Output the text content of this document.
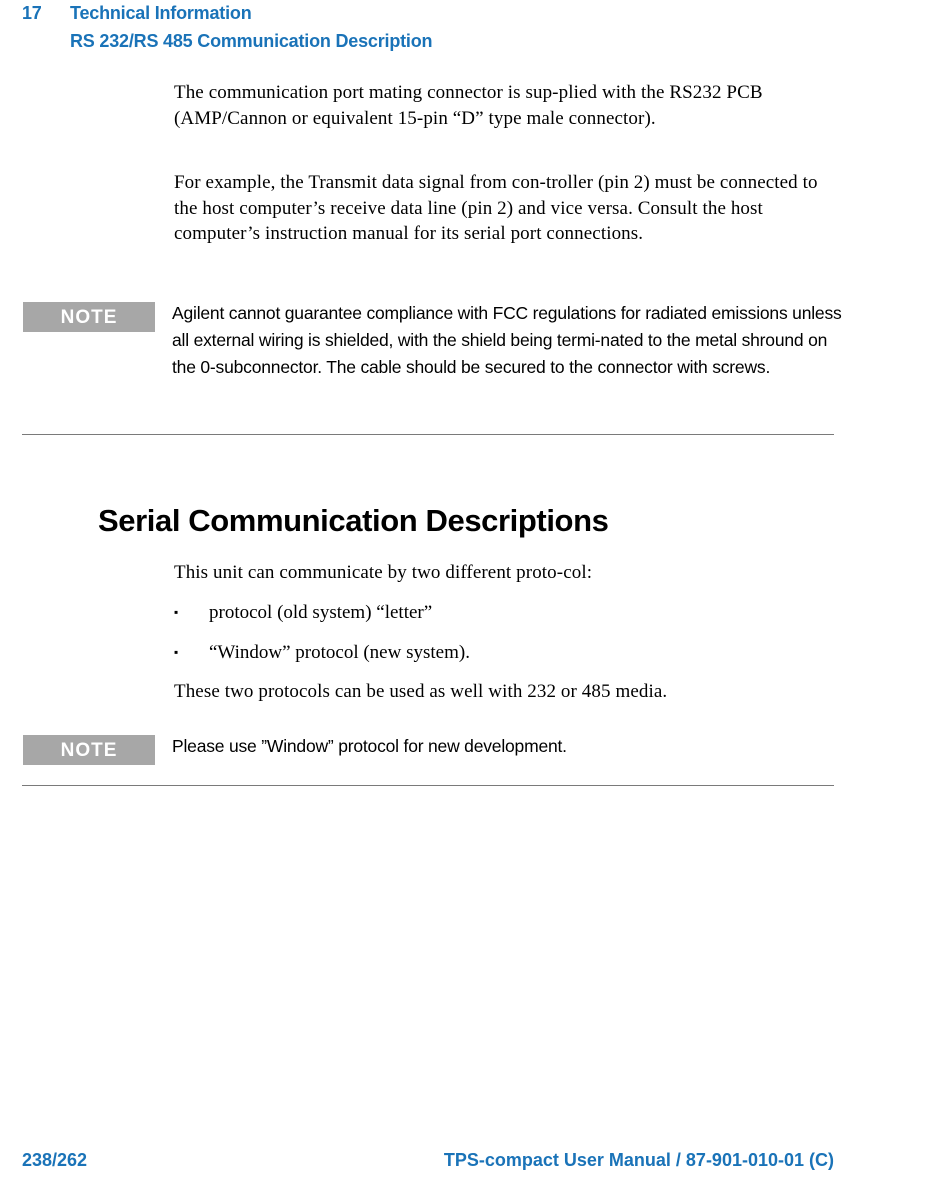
17 Technical Information
RS 232/RS 485 Communication Description
The communication port mating connector is sup-plied with the RS232 PCB (AMP/Cannon or equivalent 15-pin “D” type male connector).
For example, the Transmit data signal from con-troller (pin 2) must be connected to the host computer’s receive data line (pin 2) and vice versa. Consult the host computer’s instruction manual for its serial port connections.
NOTE	Agilent cannot guarantee compliance with FCC regulations for radiated emissions unless all external wiring is shielded, with the shield being termi-nated to the metal shround on the 0-subconnector. The cable should be secured to the connector with screws.
Serial Communication Descriptions
This unit can communicate by two different proto-col:
▪ protocol (old system) “letter”
▪ “Window” protocol (new system).
These two protocols can be used as well with 232 or 485 media.
NOTE	Please use ”Window” protocol for new development.
238/262	TPS-compact User Manual / 87-901-010-01 (C)
